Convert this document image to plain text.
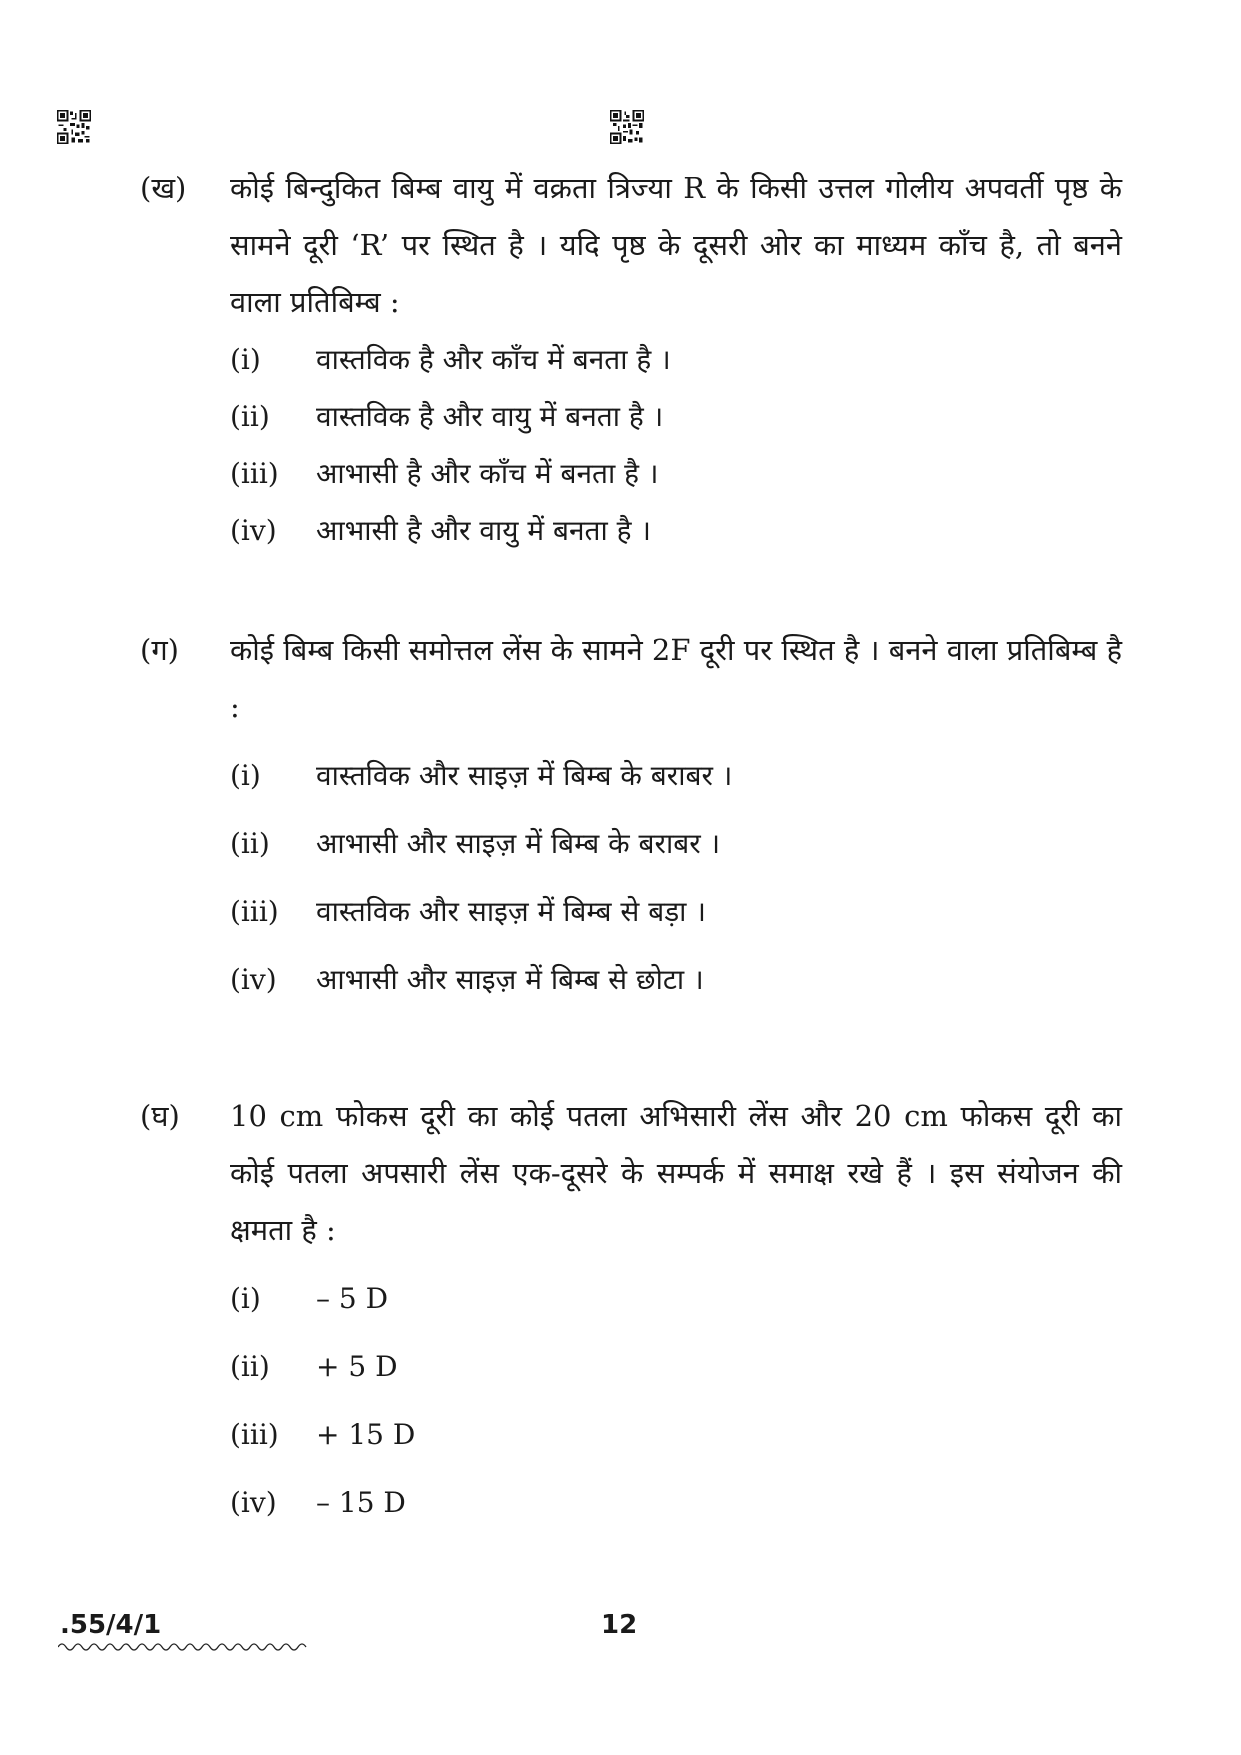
(ख) कोई बिन्दुकित बिम्ब वायु में वक्रता त्रिज्या R के किसी उत्तल गोलीय अपवर्ती पृष्ठ के सामने दूरी ‘R’ पर स्थित है । यदि पृष्ठ के दूसरी ओर का माध्यम काँच है, तो बनने वाला प्रतिबिम्ब :
(i)	वास्तविक है और काँच में बनता है ।
(ii)	वास्तविक है और वायु में बनता है ।
(iii)	आभासी है और काँच में बनता है ।
(iv)	आभासी है और वायु में बनता है ।
(ग) कोई बिम्ब किसी समोत्तल लेंस के सामने 2F दूरी पर स्थित है । बनने वाला प्रतिबिम्ब है :
(i)	वास्तविक और साइज़ में बिम्ब के बराबर ।
(ii)	आभासी और साइज़ में बिम्ब के बराबर ।
(iii)	वास्तविक और साइज़ में बिम्ब से बड़ा ।
(iv)	आभासी और साइज़ में बिम्ब से छोटा ।
(घ) 10 cm फोकस दूरी का कोई पतला अभिसारी लेंस और 20 cm फोकस दूरी का कोई पतला अपसारी लेंस एक-दूसरे के सम्पर्क में समाक्ष रखे हैं । इस संयोजन की क्षमता है :
(i)	– 5 D
(ii)	+ 5 D
(iii)	+ 15 D
(iv)	– 15 D
.55/4/1	12
